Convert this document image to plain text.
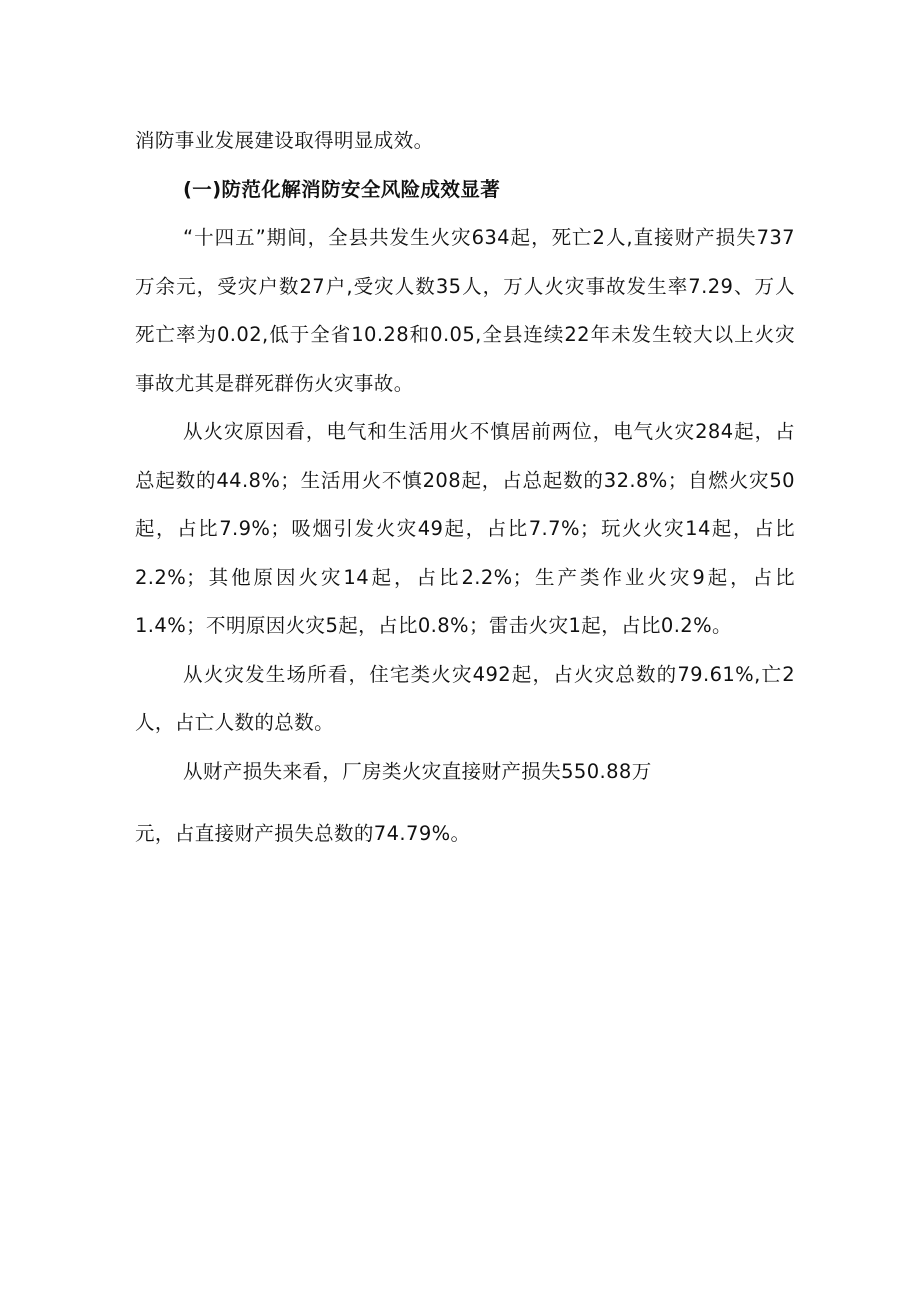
消防事业发展建设取得明显成效。

(一)防范化解消防安全风险成效显著

“十四五”期间，全县共发生火灾634起，死亡2人,直接财产损失737万余元，受灾户数27户,受灾人数35人，万人火灾事故发生率7.29、万人死亡率为0.02,低于全省10.28和0.05,全县连续22年未发生较大以上火灾事故尤其是群死群伤火灾事故。

从火灾原因看，电气和生活用火不慎居前两位，电气火灾284起，占总起数的44.8%；生活用火不慎208起，占总起数的32.8%；自燃火灾50起，占比7.9%；吸烟引发火灾49起，占比7.7%；玩火火灾14起，占比2.2%；其他原因火灾14起，占比2.2%；生产类作业火灾9起，占比1.4%；不明原因火灾5起，占比0.8%；雷击火灾1起，占比0.2%。

从火灾发生场所看，住宅类火灾492起，占火灾总数的79.61%,亡2人，占亡人数的总数。

从财产损失来看，厂房类火灾直接财产损失550.88万

元，占直接财产损失总数的74.79%。
